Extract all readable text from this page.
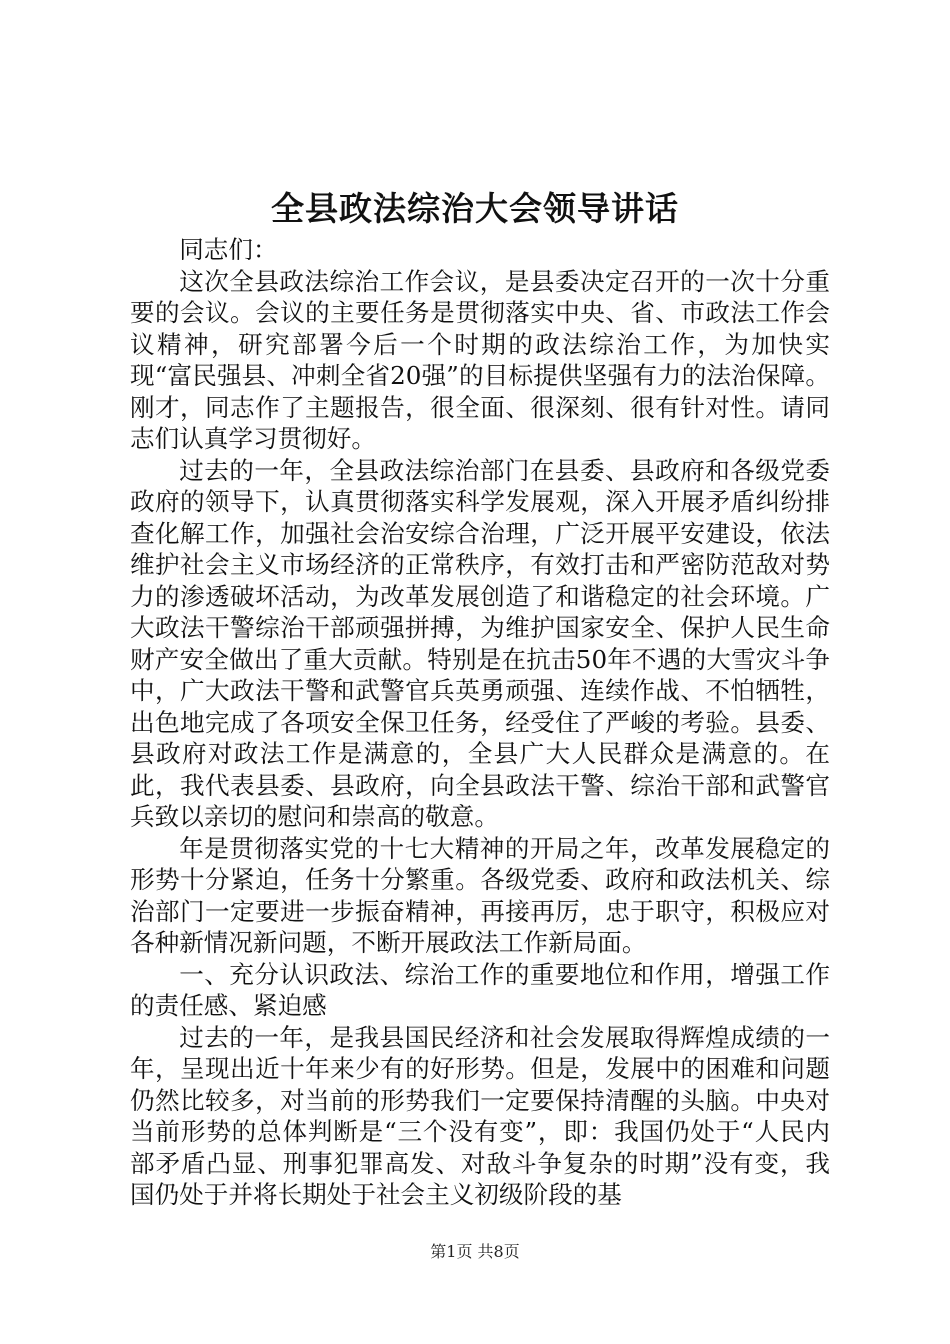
全县政法综治大会领导讲话

同志们：

这次全县政法综治工作会议，是县委决定召开的一次十分重要的会议。会议的主要任务是贯彻落实中央、省、市政法工作会议精神，研究部署今后一个时期的政法综治工作，为加快实现“富民强县、冲刺全省20强”的目标提供坚强有力的法治保障。刚才，同志作了主题报告，很全面、很深刻、很有针对性。请同志们认真学习贯彻好。

过去的一年，全县政法综治部门在县委、县政府和各级党委政府的领导下，认真贯彻落实科学发展观，深入开展矛盾纠纷排查化解工作，加强社会治安综合治理，广泛开展平安建设，依法维护社会主义市场经济的正常秩序，有效打击和严密防范敌对势力的渗透破坏活动，为改革发展创造了和谐稳定的社会环境。广大政法干警综治干部顽强拼搏，为维护国家安全、保护人民生命财产安全做出了重大贡献。特别是在抗击50年不遇的大雪灾斗争中，广大政法干警和武警官兵英勇顽强、连续作战、不怕牺牲，出色地完成了各项安全保卫任务，经受住了严峻的考验。县委、县政府对政法工作是满意的，全县广大人民群众是满意的。在此，我代表县委、县政府，向全县政法干警、综治干部和武警官兵致以亲切的慰问和崇高的敬意。

年是贯彻落实党的十七大精神的开局之年，改革发展稳定的形势十分紧迫，任务十分繁重。各级党委、政府和政法机关、综治部门一定要进一步振奋精神，再接再厉，忠于职守，积极应对各种新情况新问题，不断开展政法工作新局面。

一、充分认识政法、综治工作的重要地位和作用，增强工作的责任感、紧迫感

过去的一年，是我县国民经济和社会发展取得辉煌成绩的一年，呈现出近十年来少有的好形势。但是，发展中的困难和问题仍然比较多，对当前的形势我们一定要保持清醒的头脑。中央对当前形势的总体判断是“三个没有变”，即：我国仍处于“人民内部矛盾凸显、刑事犯罪高发、对敌斗争复杂的时期”没有变，我国仍处于并将长期处于社会主义初级阶段的基

第1页 共8页
